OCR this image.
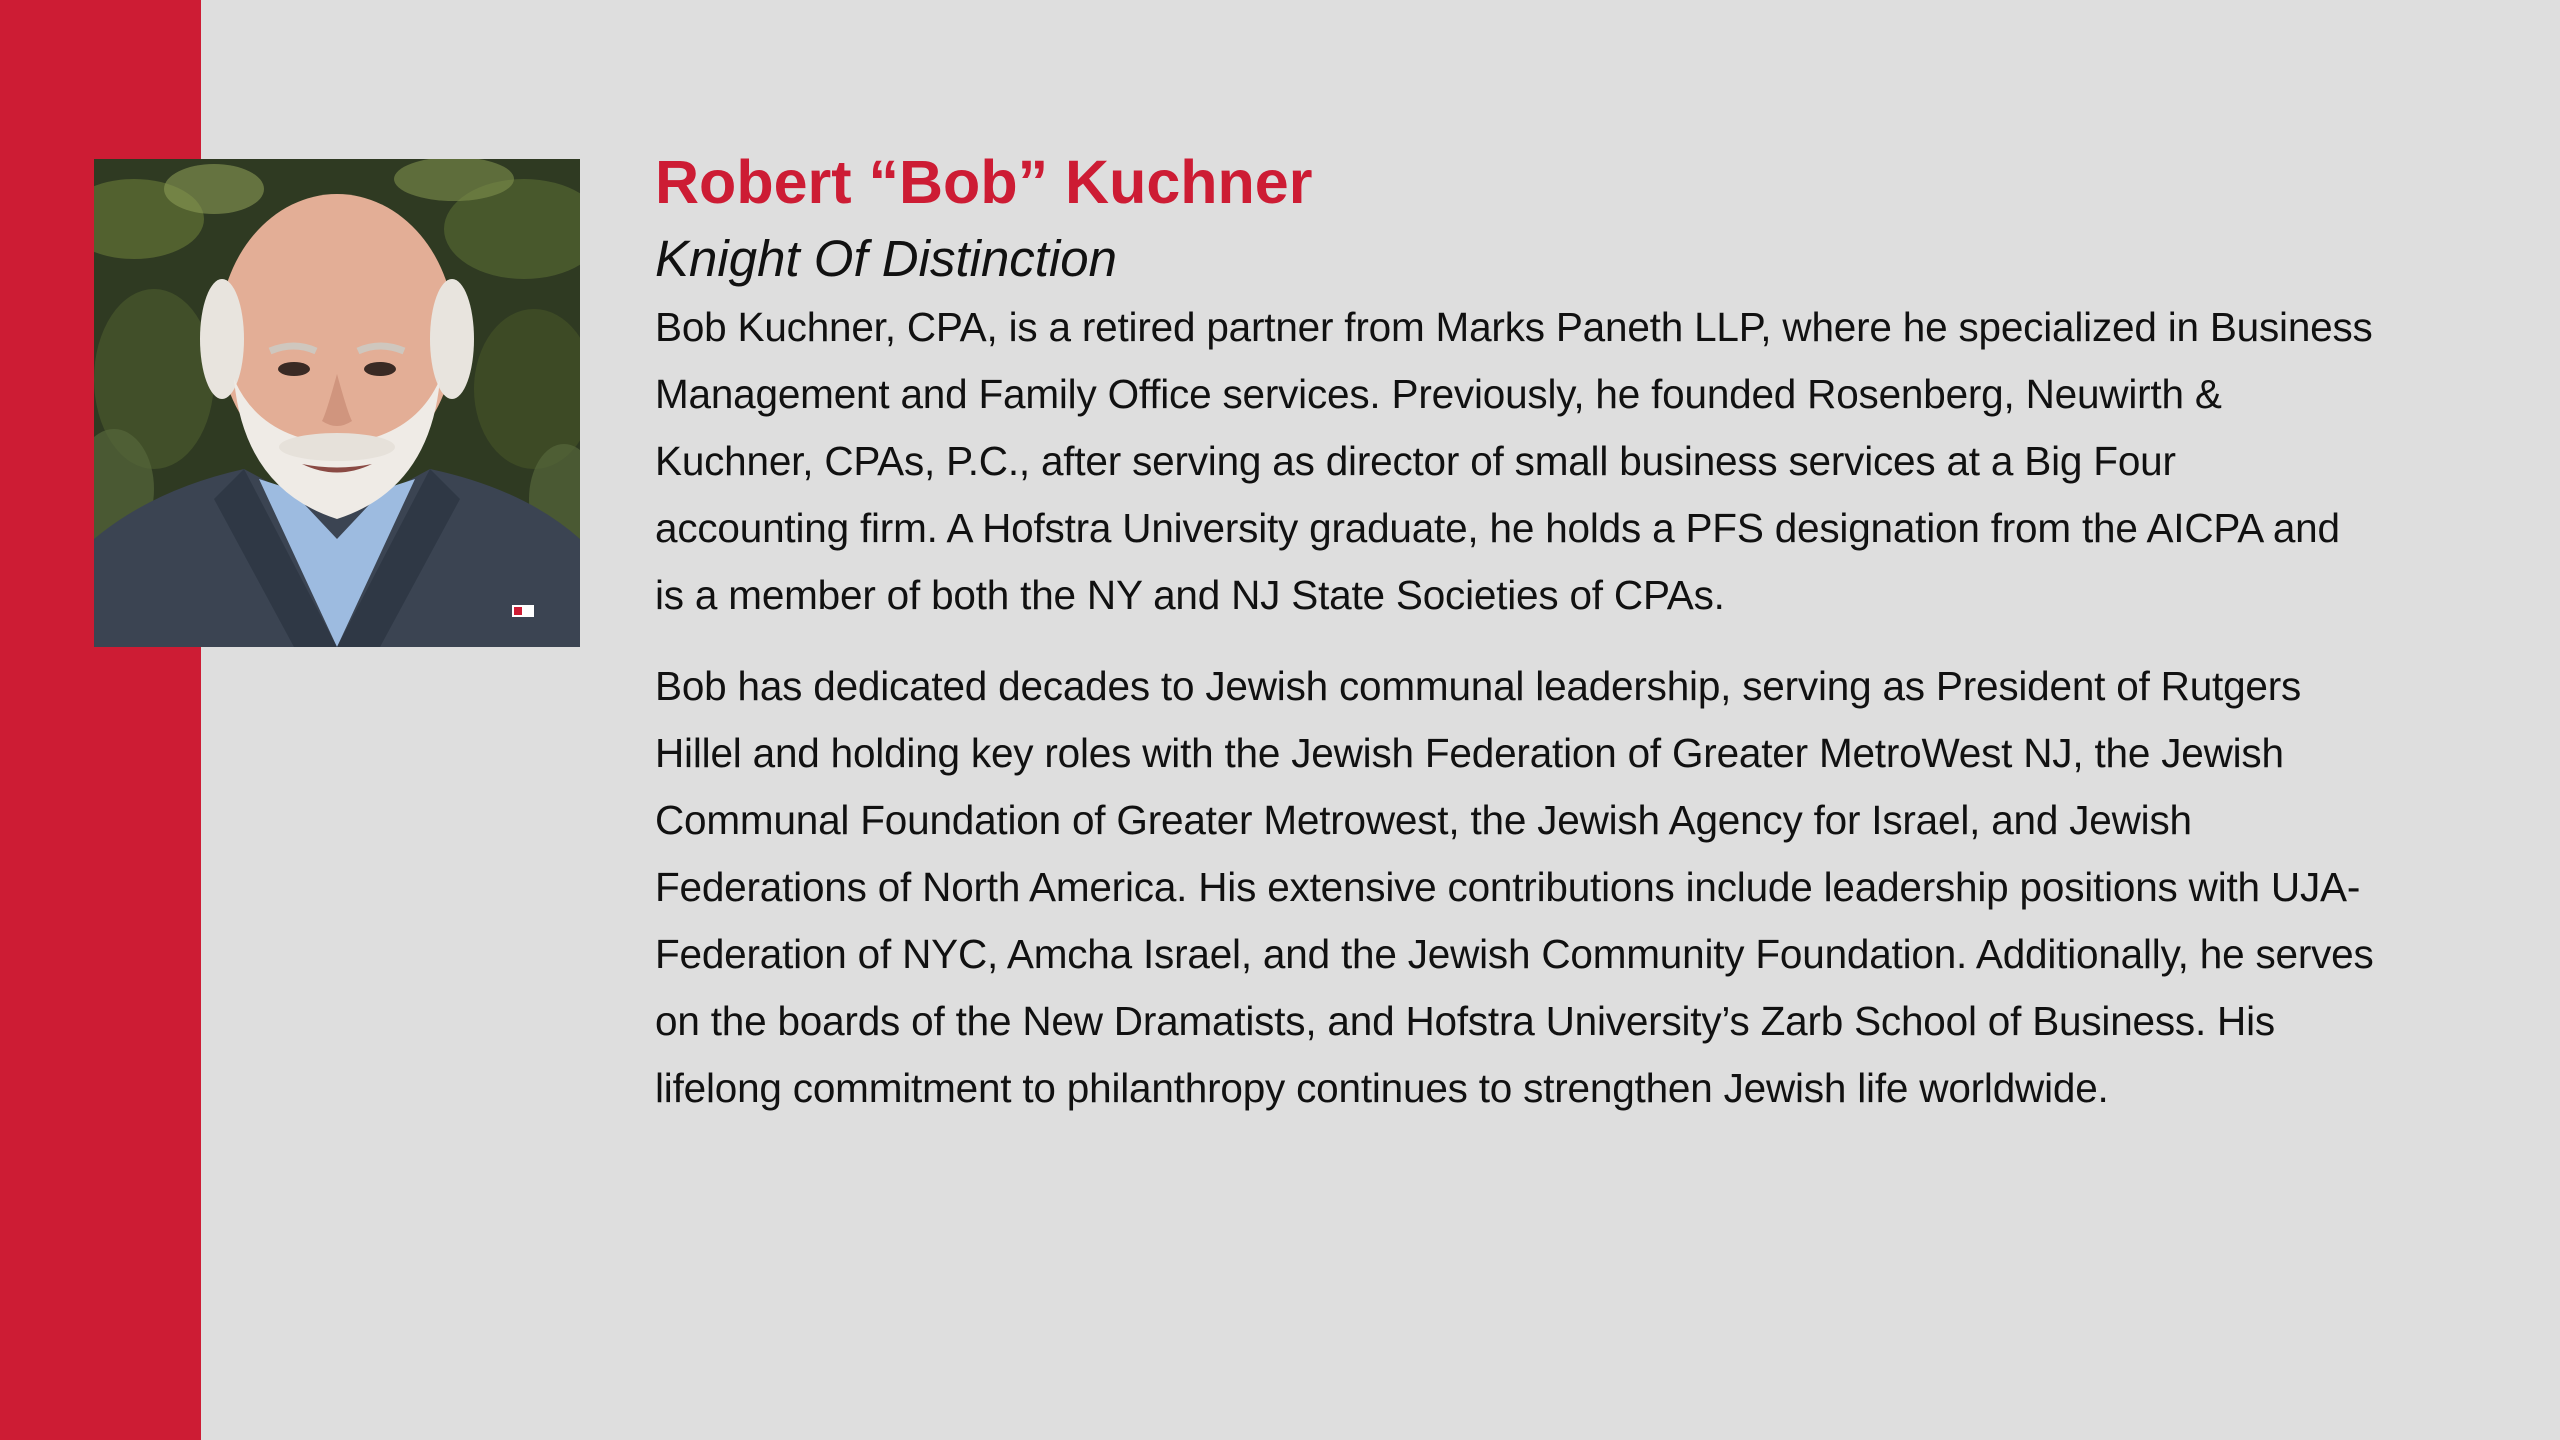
Robert “Bob” Kuchner
Knight Of Distinction

Bob Kuchner, CPA, is a retired partner from Marks Paneth LLP, where he specialized in Business Management and Family Office services. Previously, he founded Rosenberg, Neuwirth & Kuchner, CPAs, P.C., after serving as director of small business services at a Big Four accounting firm. A Hofstra University graduate, he holds a PFS designation from the AICPA and is a member of both the NY and NJ State Societies of CPAs.

Bob has dedicated decades to Jewish communal leadership, serving as President of Rutgers Hillel and holding key roles with the Jewish Federation of Greater MetroWest NJ, the Jewish Communal Foundation of Greater Metrowest, the Jewish Agency for Israel, and Jewish Federations of North America. His extensive contributions include leadership positions with UJA-Federation of NYC, Amcha Israel, and the Jewish Community Foundation. Additionally, he serves on the boards of the New Dramatists, and Hofstra University’s Zarb School of Business. His lifelong commitment to philanthropy continues to strengthen Jewish life worldwide.
